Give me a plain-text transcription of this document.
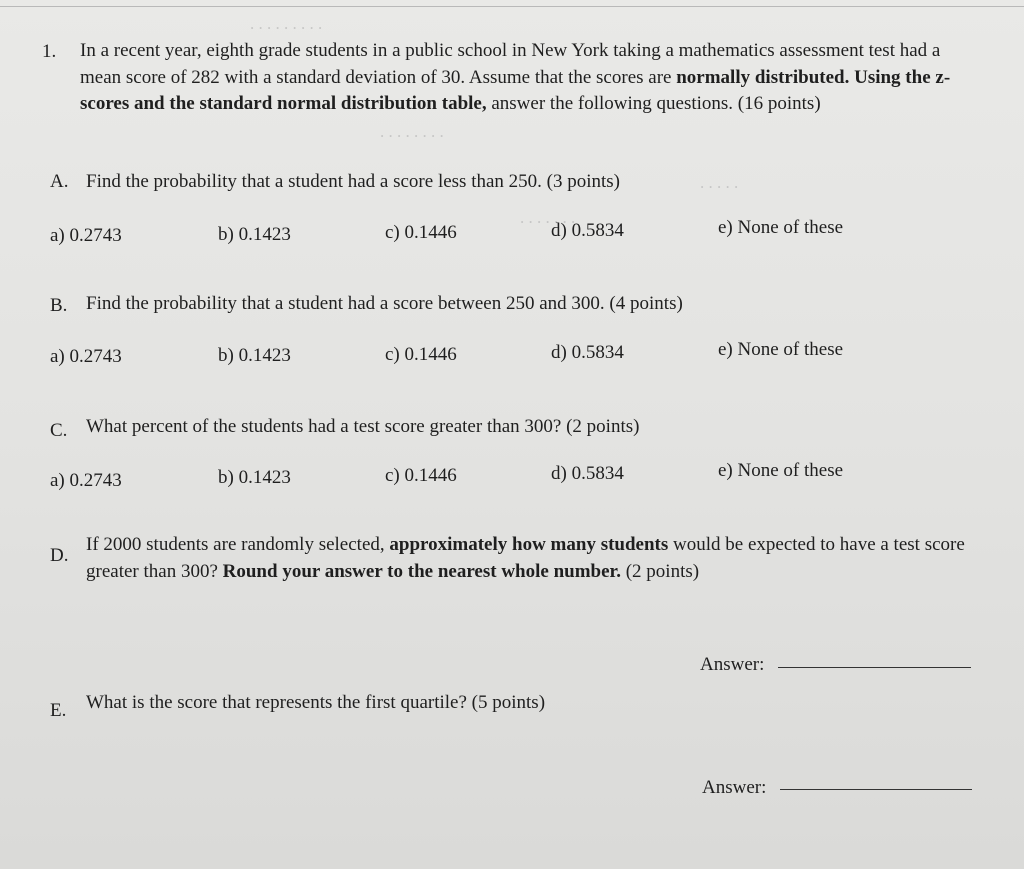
. . . . . . . . .
. . . . . . . .
. . . . .
. . . . . . .
1. In a recent year, eighth grade students in a public school in New York taking a mathematics assessment test had a mean score of 282 with a standard deviation of 30. Assume that the scores are normally distributed. Using the z-scores and the standard normal distribution table, answer the following questions. (16 points)
A. Find the probability that a student had a score less than 250. (3 points)
a) 0.2743	b) 0.1423	c) 0.1446	d) 0.5834	e) None of these
B. Find the probability that a student had a score between 250 and 300. (4 points)
a) 0.2743	b) 0.1423	c) 0.1446	d) 0.5834	e) None of these
C. What percent of the students had a test score greater than 300? (2 points)
a) 0.2743	b) 0.1423	c) 0.1446	d) 0.5834	e) None of these
D.
If 2000 students are randomly selected, approximately how many students would be expected to have a test score greater than 300? Round your answer to the nearest whole number. (2 points)
Answer:
E. What is the score that represents the first quartile? (5 points)
Answer:
